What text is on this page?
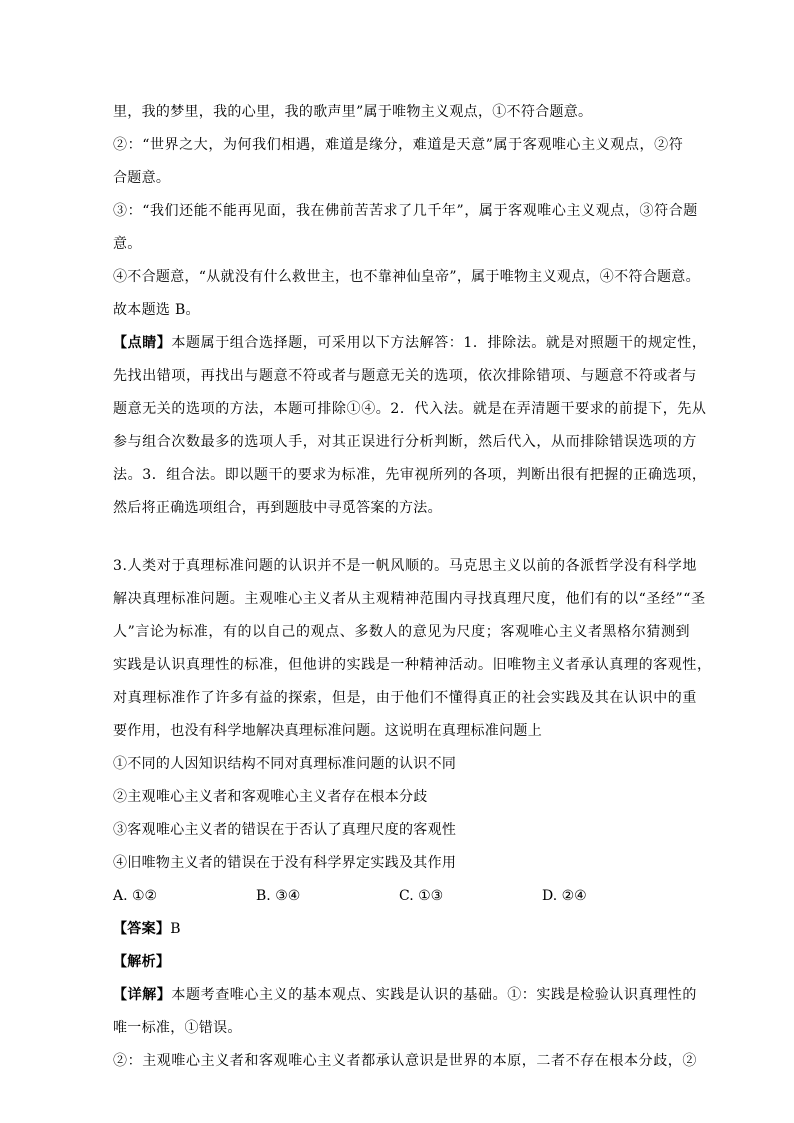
里，我的梦里，我的心里，我的歌声里”属于唯物主义观点，①不符合题意。
②：“世界之大，为何我们相遇，难道是缘分，难道是天意”属于客观唯心主义观点，②符
合题意。
③：“我们还能不能再见面，我在佛前苦苦求了几千年”，属于客观唯心主义观点，③符合题
意。
④不合题意，“从就没有什么救世主，也不靠神仙皇帝”，属于唯物主义观点，④不符合题意。
故本题选 B。
【点睛】本题属于组合选择题，可采用以下方法解答：1．排除法。就是对照题干的规定性，
先找出错项，再找出与题意不符或者与题意无关的选项，依次排除错项、与题意不符或者与
题意无关的选项的方法，本题可排除①④。2．代入法。就是在弄清题干要求的前提下，先从
参与组合次数最多的选项人手，对其正误进行分析判断，然后代入，从而排除错误选项的方
法。3．组合法。即以题干的要求为标准，先审视所列的各项，判断出很有把握的正确选项，
然后将正确选项组合，再到题肢中寻觅答案的方法。
3.人类对于真理标准问题的认识并不是一帆风顺的。马克思主义以前的各派哲学没有科学地
解决真理标准问题。主观唯心主义者从主观精神范围内寻找真理尺度，他们有的以“圣经”“圣
人”言论为标准，有的以自己的观点、多数人的意见为尺度；客观唯心主义者黑格尔猜测到
实践是认识真理性的标准，但他讲的实践是一种精神活动。旧唯物主义者承认真理的客观性，
对真理标准作了许多有益的探索，但是，由于他们不懂得真正的社会实践及其在认识中的重
要作用，也没有科学地解决真理标准问题。这说明在真理标准问题上
①不同的人因知识结构不同对真理标准问题的认识不同
②主观唯心主义者和客观唯心主义者存在根本分歧
③客观唯心主义者的错误在于否认了真理尺度的客观性
④旧唯物主义者的错误在于没有科学界定实践及其作用
A. ①②	B. ③④	C. ①③	D. ②④
【答案】B
【解析】
【详解】本题考查唯心主义的基本观点、实践是认识的基础。①：实践是检验认识真理性的
唯一标准，①错误。
②：主观唯心主义者和客观唯心主义者都承认意识是世界的本原，二者不存在根本分歧，②
